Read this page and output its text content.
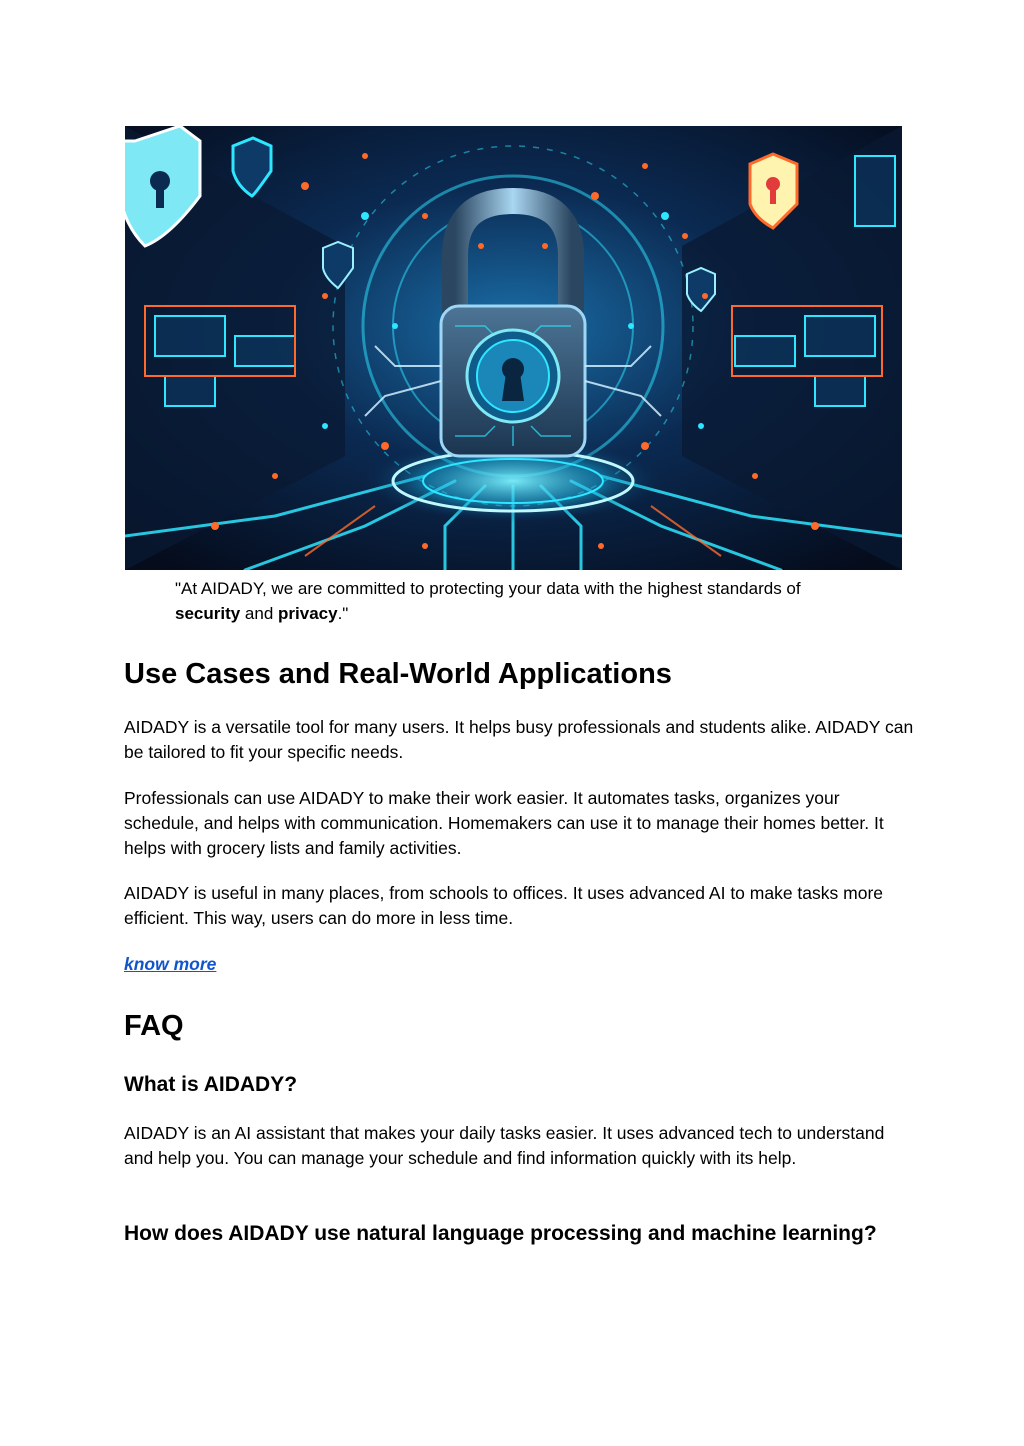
"At AIDADY, we are committed to protecting your data with the highest standards of security and privacy."

Use Cases and Real-World Applications

AIDADY is a versatile tool for many users. It helps busy professionals and students alike. AIDADY can be tailored to fit your specific needs.

Professionals can use AIDADY to make their work easier. It automates tasks, organizes your schedule, and helps with communication. Homemakers can use it to manage their homes better. It helps with grocery lists and family activities.

AIDADY is useful in many places, from schools to offices. It uses advanced AI to make tasks more efficient. This way, users can do more in less time.

know more
FAQ
What is AIDADY?

AIDADY is an AI assistant that makes your daily tasks easier. It uses advanced tech to understand and help you. You can manage your schedule and find information quickly with its help.

How does AIDADY use natural language processing and machine learning?
